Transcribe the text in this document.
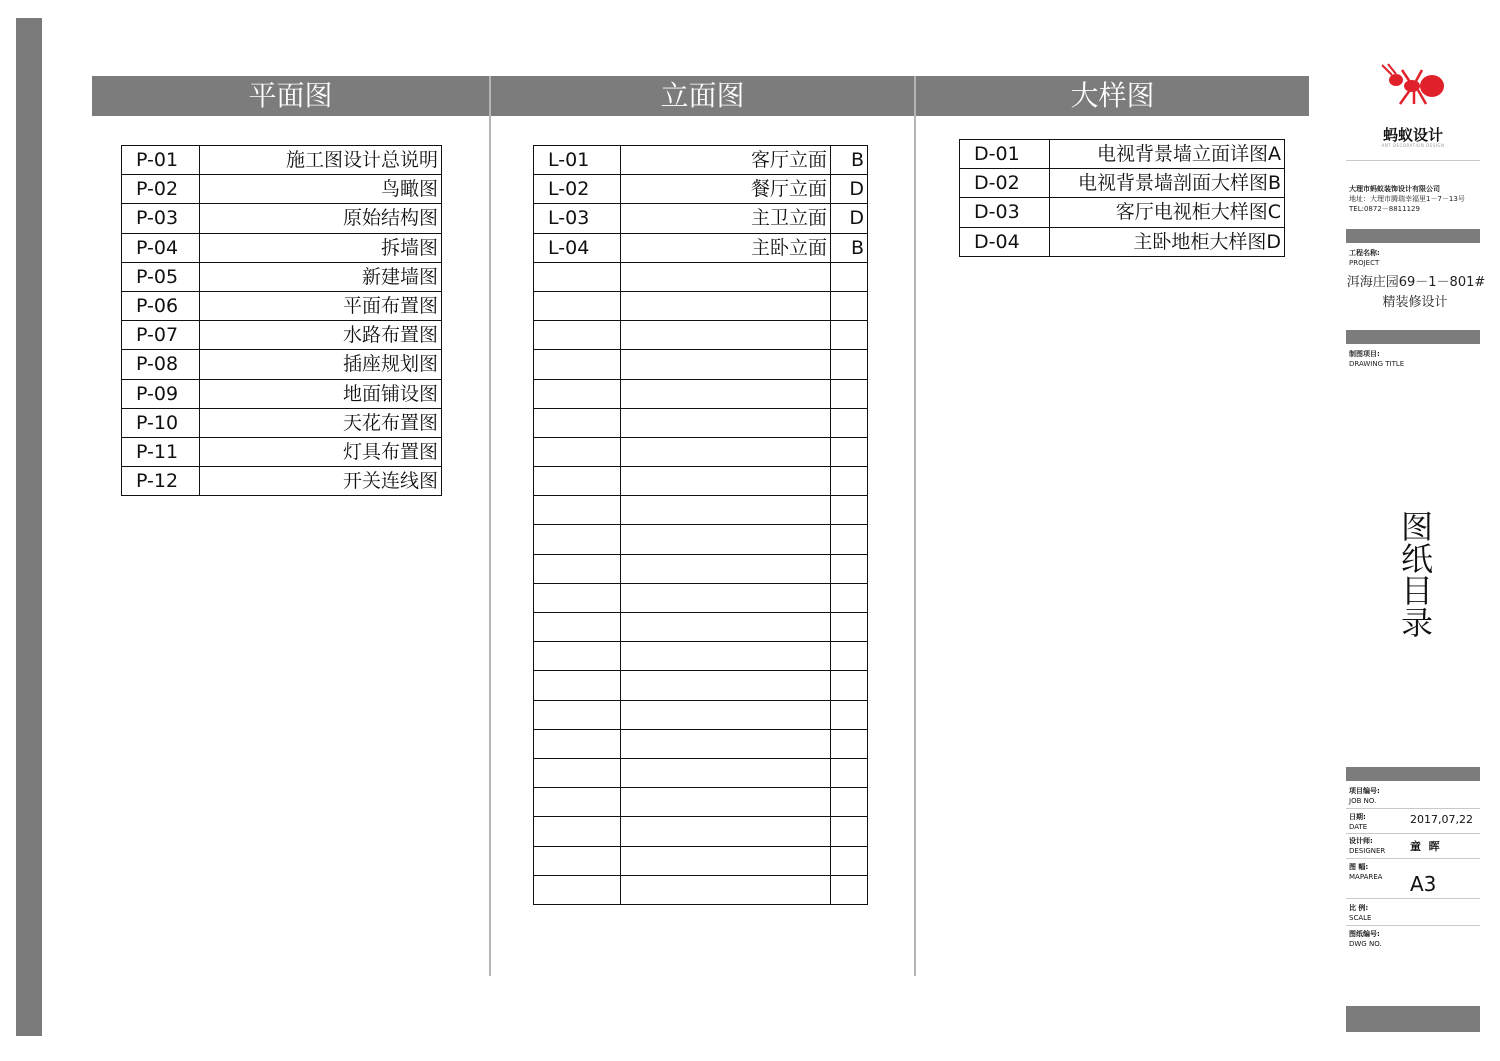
平面图	立面图	大样图
P-01	施工图设计总说明
P-02	鸟瞰图
P-03	原始结构图
P-04	拆墙图
P-05	新建墙图
P-06	平面布置图
P-07	水路布置图
P-08	插座规划图
P-09	地面铺设图
P-10	天花布置图
P-11	灯具布置图
P-12	开关连线图
L-01	客厅立面	B
L-02	餐厅立面	D
L-03	主卫立面	D
L-04	主卧立面	B

D-01	电视背景墙立面详图A
D-02	电视背景墙剖面大样图B
D-03	客厅电视柜大样图C
D-04	主卧地柜大样图D
蚂蚁设计
ANT DECORATION DESIGN
大理市蚂蚁装饰设计有限公司
地址：大理市腾瑞幸福里1－7－13号
TEL:0872－8811129
工程名称:
PROJECT
洱海庄园69－1－801#
精装修设计
制图项目:
DRAWING TITLE
图纸目录
项目编号:
JOB NO.
日期:
DATE
2017,07,22
设计师:
DESIGNER 童  晖
图 幅:
MAPAREA A3
比 例:
SCALE
图纸编号:
DWG NO.
